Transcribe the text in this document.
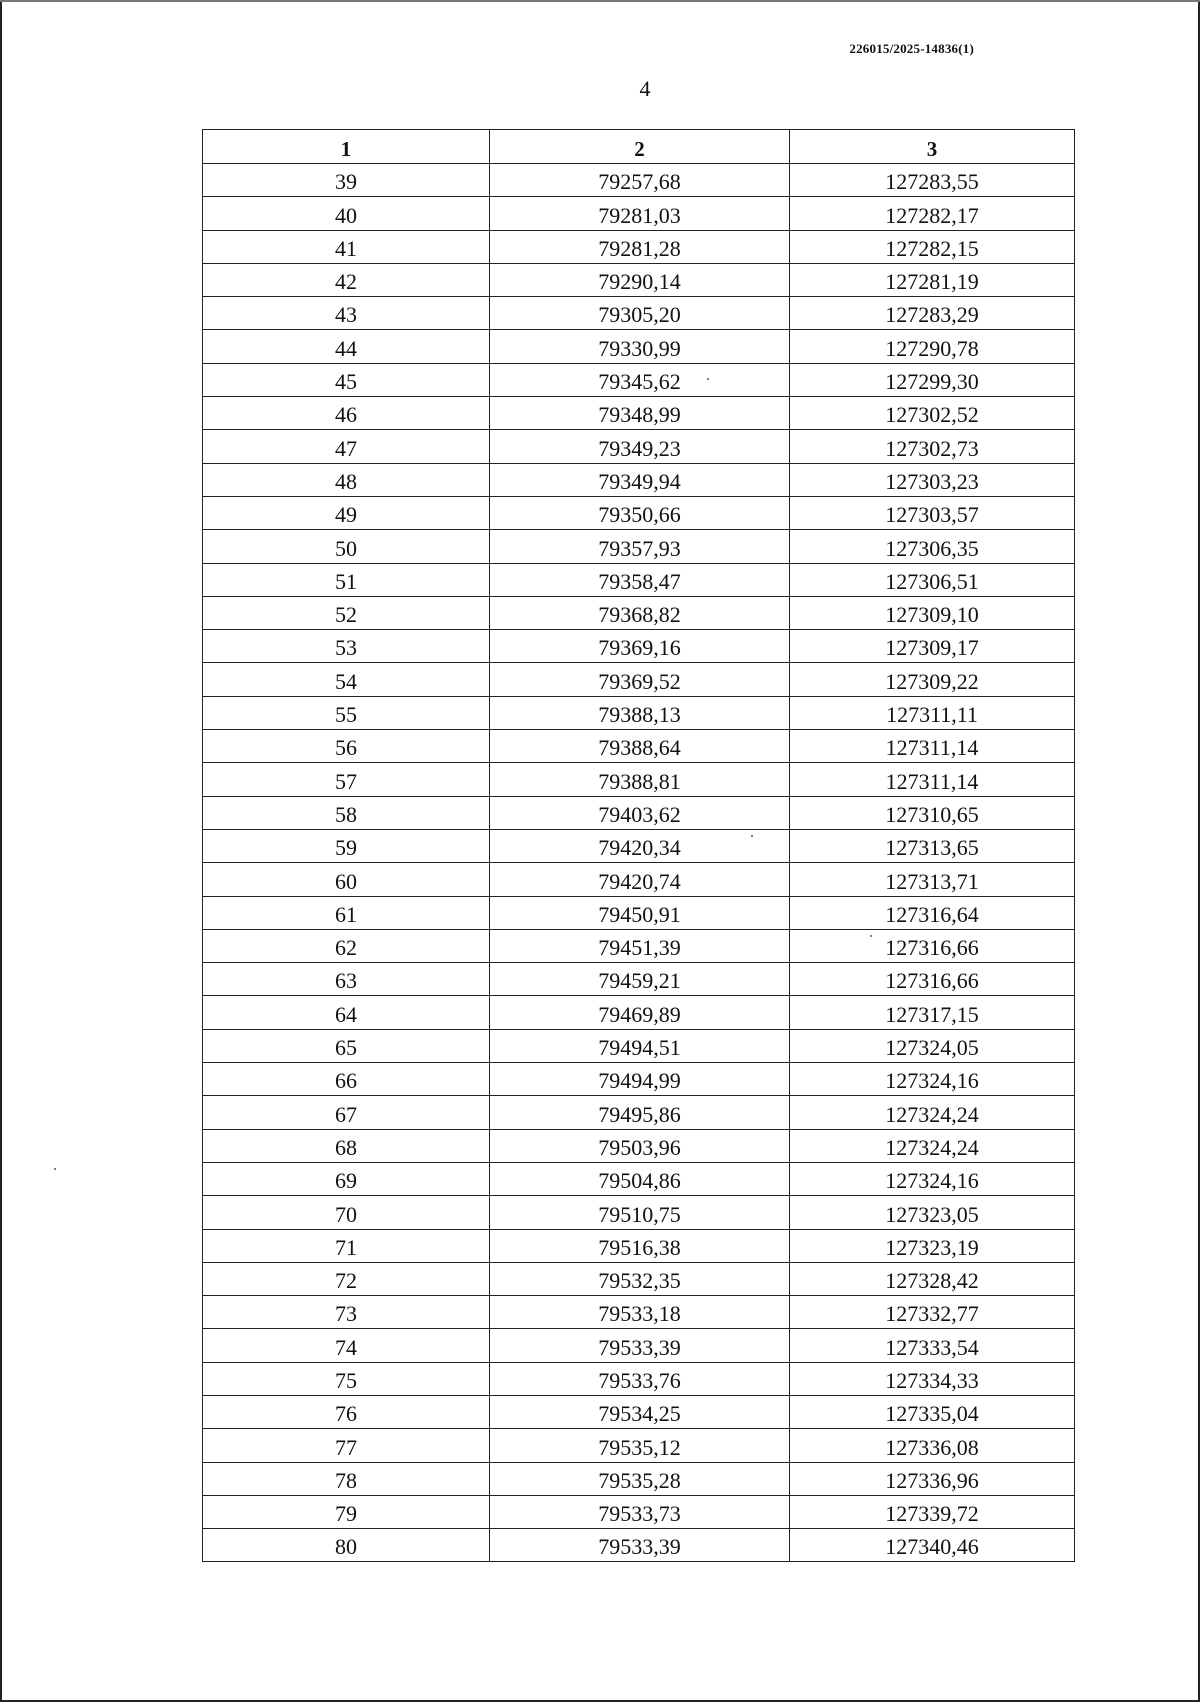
226015/2025-14836(1)
4
1	2	3
39	79257,68	127283,55
40	79281,03	127282,17
41	79281,28	127282,15
42	79290,14	127281,19
43	79305,20	127283,29
44	79330,99	127290,78
45	79345,62	127299,30
46	79348,99	127302,52
47	79349,23	127302,73
48	79349,94	127303,23
49	79350,66	127303,57
50	79357,93	127306,35
51	79358,47	127306,51
52	79368,82	127309,10
53	79369,16	127309,17
54	79369,52	127309,22
55	79388,13	127311,11
56	79388,64	127311,14
57	79388,81	127311,14
58	79403,62	127310,65
59	79420,34	127313,65
60	79420,74	127313,71
61	79450,91	127316,64
62	79451,39	127316,66
63	79459,21	127316,66
64	79469,89	127317,15
65	79494,51	127324,05
66	79494,99	127324,16
67	79495,86	127324,24
68	79503,96	127324,24
69	79504,86	127324,16
70	79510,75	127323,05
71	79516,38	127323,19
72	79532,35	127328,42
73	79533,18	127332,77
74	79533,39	127333,54
75	79533,76	127334,33
76	79534,25	127335,04
77	79535,12	127336,08
78	79535,28	127336,96
79	79533,73	127339,72
80	79533,39	127340,46
